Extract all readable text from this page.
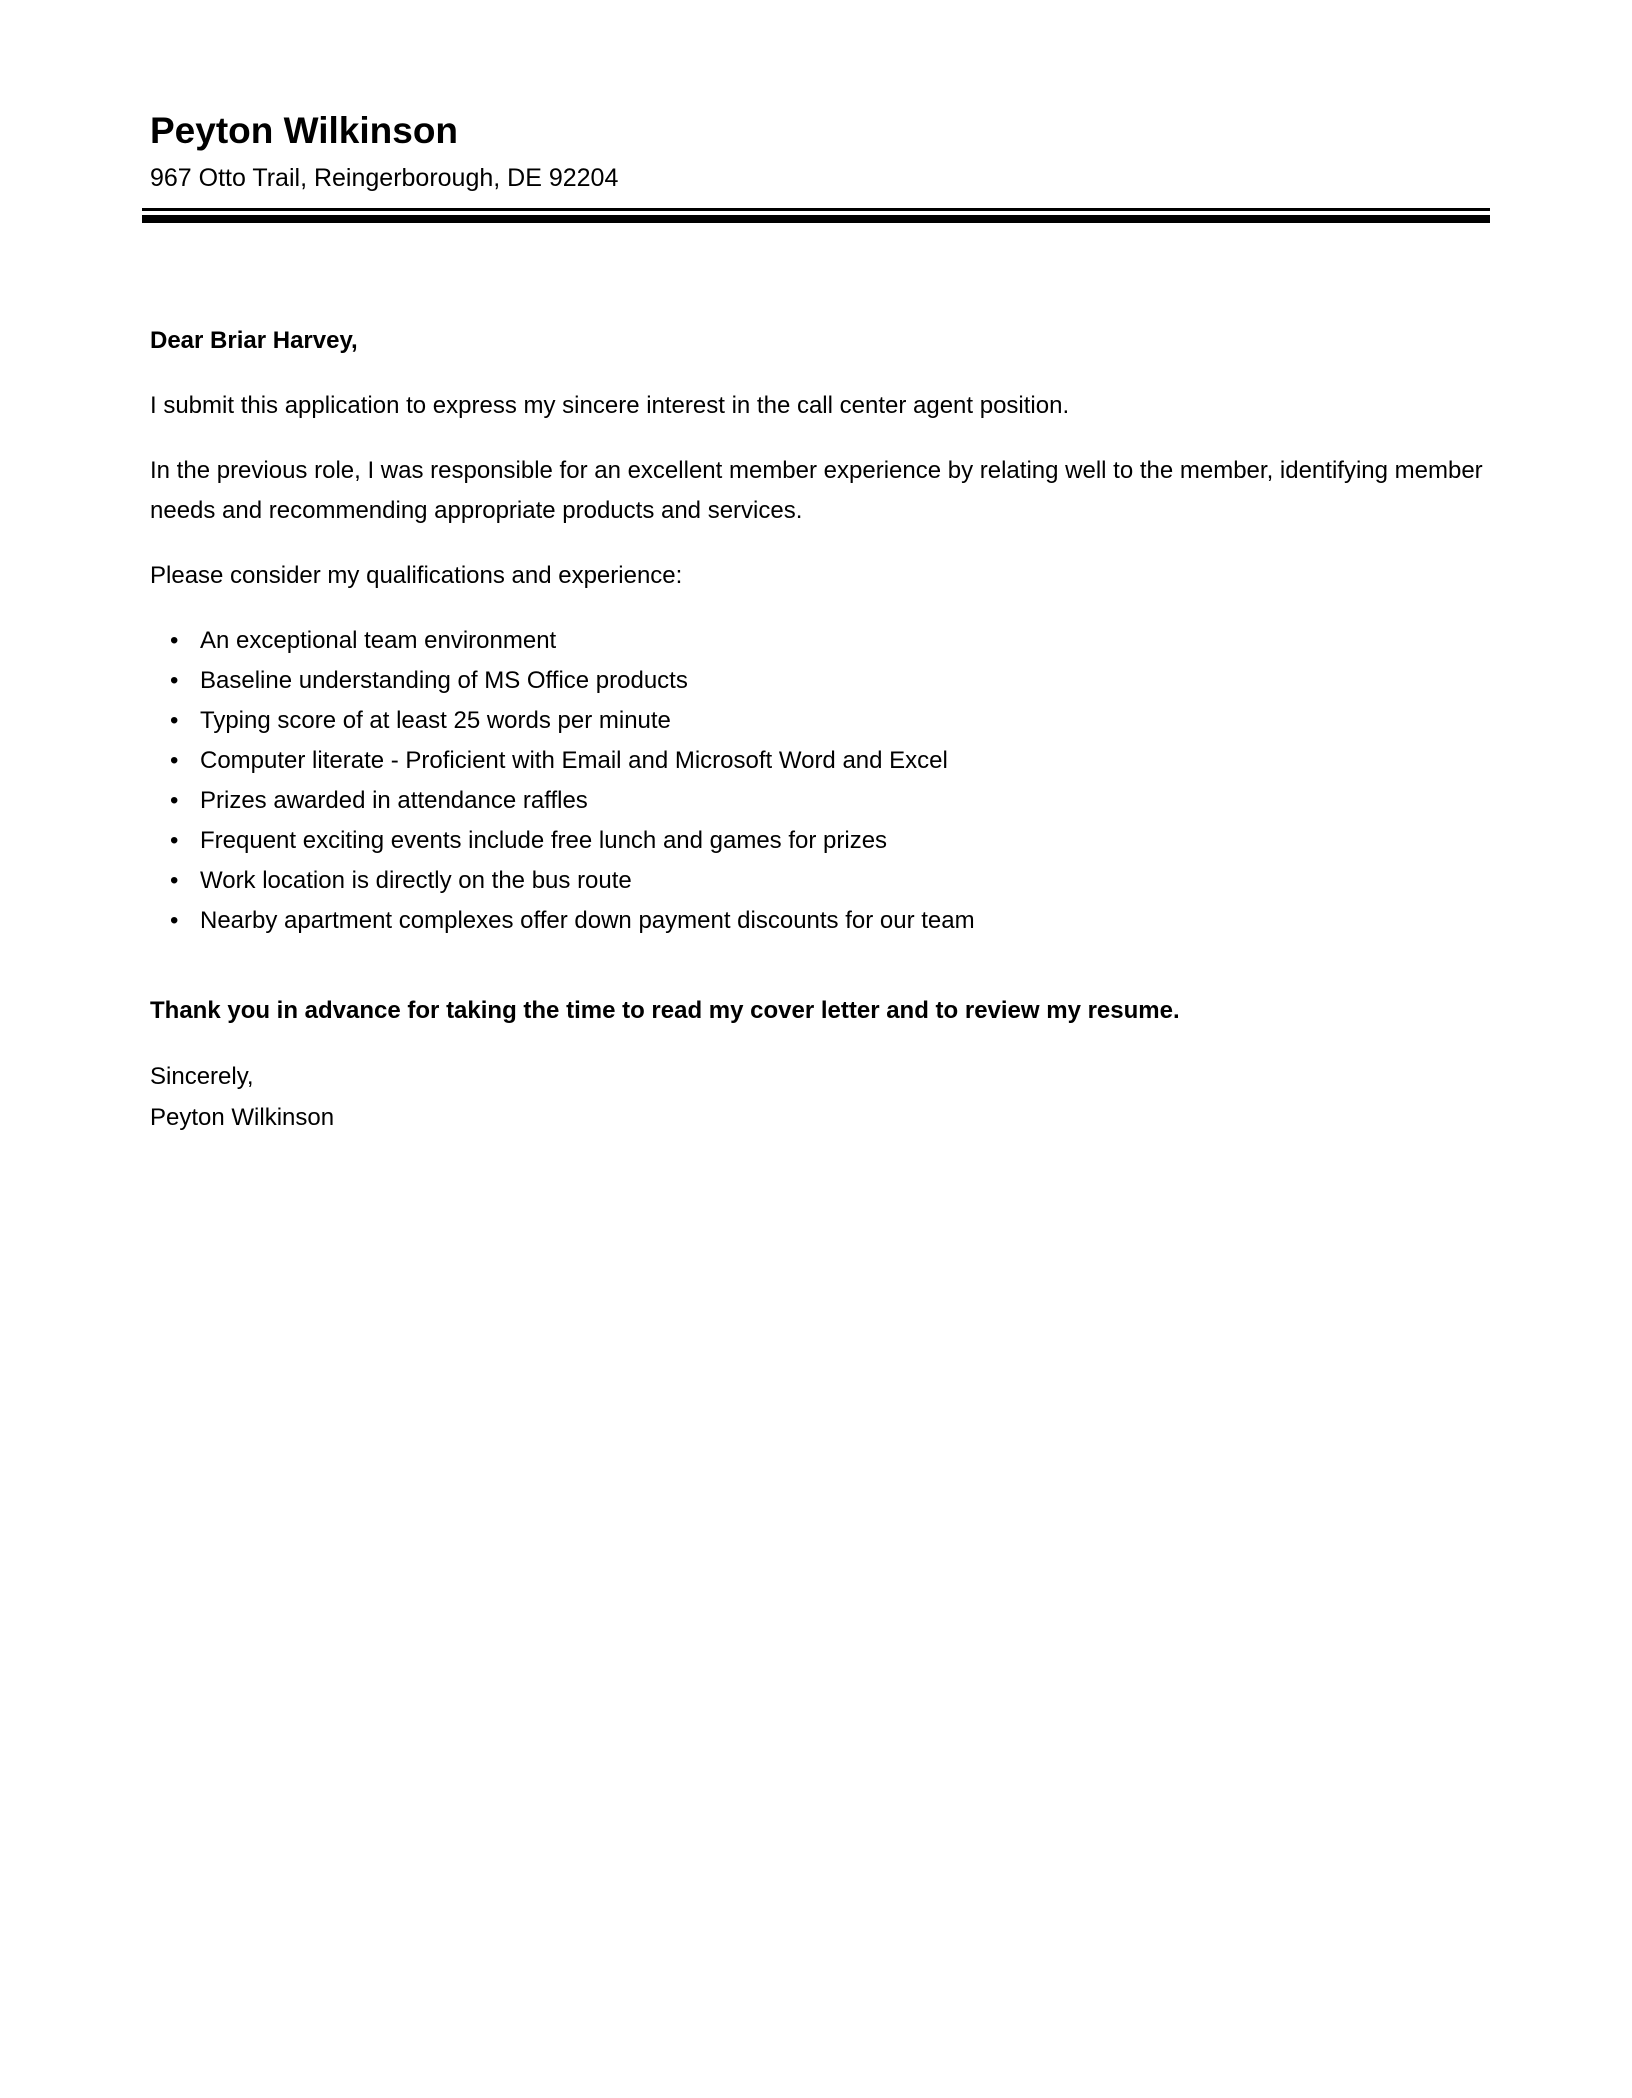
Peyton Wilkinson
967 Otto Trail, Reingerborough, DE 92204

Dear Briar Harvey,

I submit this application to express my sincere interest in the call center agent position.

In the previous role, I was responsible for an excellent member experience by relating well to the member, identifying member needs and recommending appropriate products and services.

Please consider my qualifications and experience:

• An exceptional team environment
• Baseline understanding of MS Office products
• Typing score of at least 25 words per minute
• Computer literate - Proficient with Email and Microsoft Word and Excel
• Prizes awarded in attendance raffles
• Frequent exciting events include free lunch and games for prizes
• Work location is directly on the bus route
• Nearby apartment complexes offer down payment discounts for our team

Thank you in advance for taking the time to read my cover letter and to review my resume.

Sincerely,
Peyton Wilkinson
